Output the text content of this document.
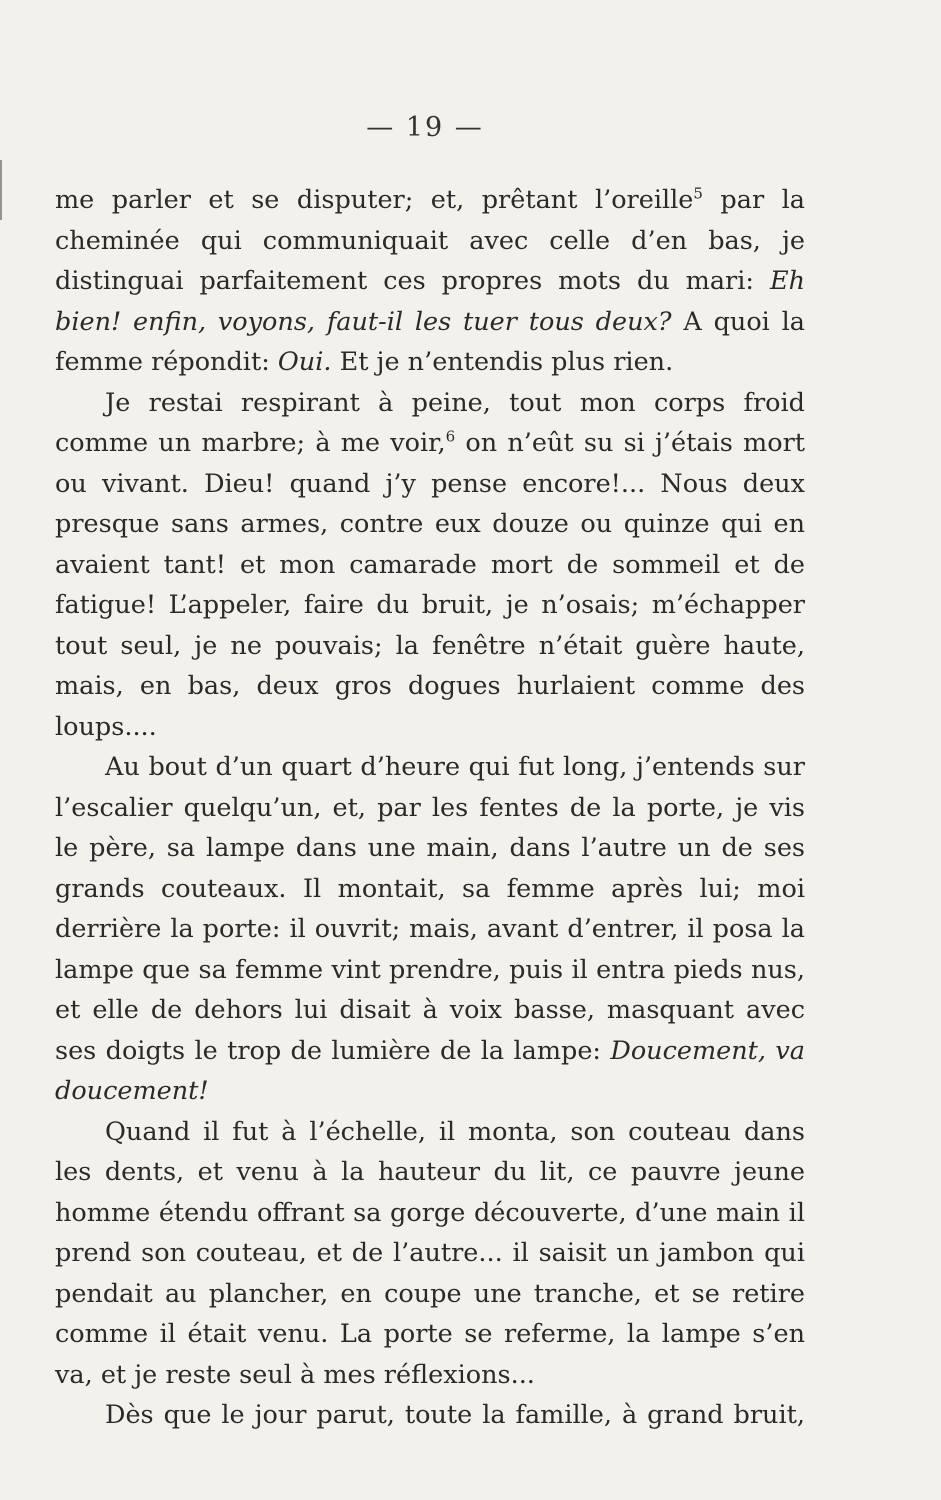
— 19 —

me parler et se disputer; et, prêtant l’oreille$^5$ par la cheminée qui communiquait avec celle d’en bas, je distinguai parfaitement ces propres mots du mari: Eh bien! enfin, voyons, faut-il les tuer tous deux? A quoi la femme répondit: Oui. Et je n’entendis plus rien.

Je restai respirant à peine, tout mon corps froid comme un marbre; à me voir,$^6$ on n’eût su si j’étais mort ou vivant. Dieu! quand j’y pense encore!... Nous deux presque sans armes, contre eux douze ou quinze qui en avaient tant! et mon camarade mort de sommeil et de fatigue! L’appeler, faire du bruit, je n’osais; m’échapper tout seul, je ne pouvais; la fenêtre n’était guère haute, mais, en bas, deux gros dogues hurlaient comme des loups....

Au bout d’un quart d’heure qui fut long, j’entends sur l’escalier quelqu’un, et, par les fentes de la porte, je vis le père, sa lampe dans une main, dans l’autre un de ses grands couteaux. Il montait, sa femme après lui; moi derrière la porte: il ouvrit; mais, avant d’entrer, il posa la lampe que sa femme vint prendre, puis il entra pieds nus, et elle de dehors lui disait à voix basse, masquant avec ses doigts le trop de lumière de la lampe: Doucement, va doucement!

Quand il fut à l’échelle, il monta, son couteau dans les dents, et venu à la hauteur du lit, ce pauvre jeune homme étendu offrant sa gorge découverte, d’une main il prend son couteau, et de l’autre... il saisit un jambon qui pendait au plancher, en coupe une tranche, et se retire comme il était venu. La porte se referme, la lampe s’en va, et je reste seul à mes réflexions...

Dès que le jour parut, toute la famille, à grand bruit,
